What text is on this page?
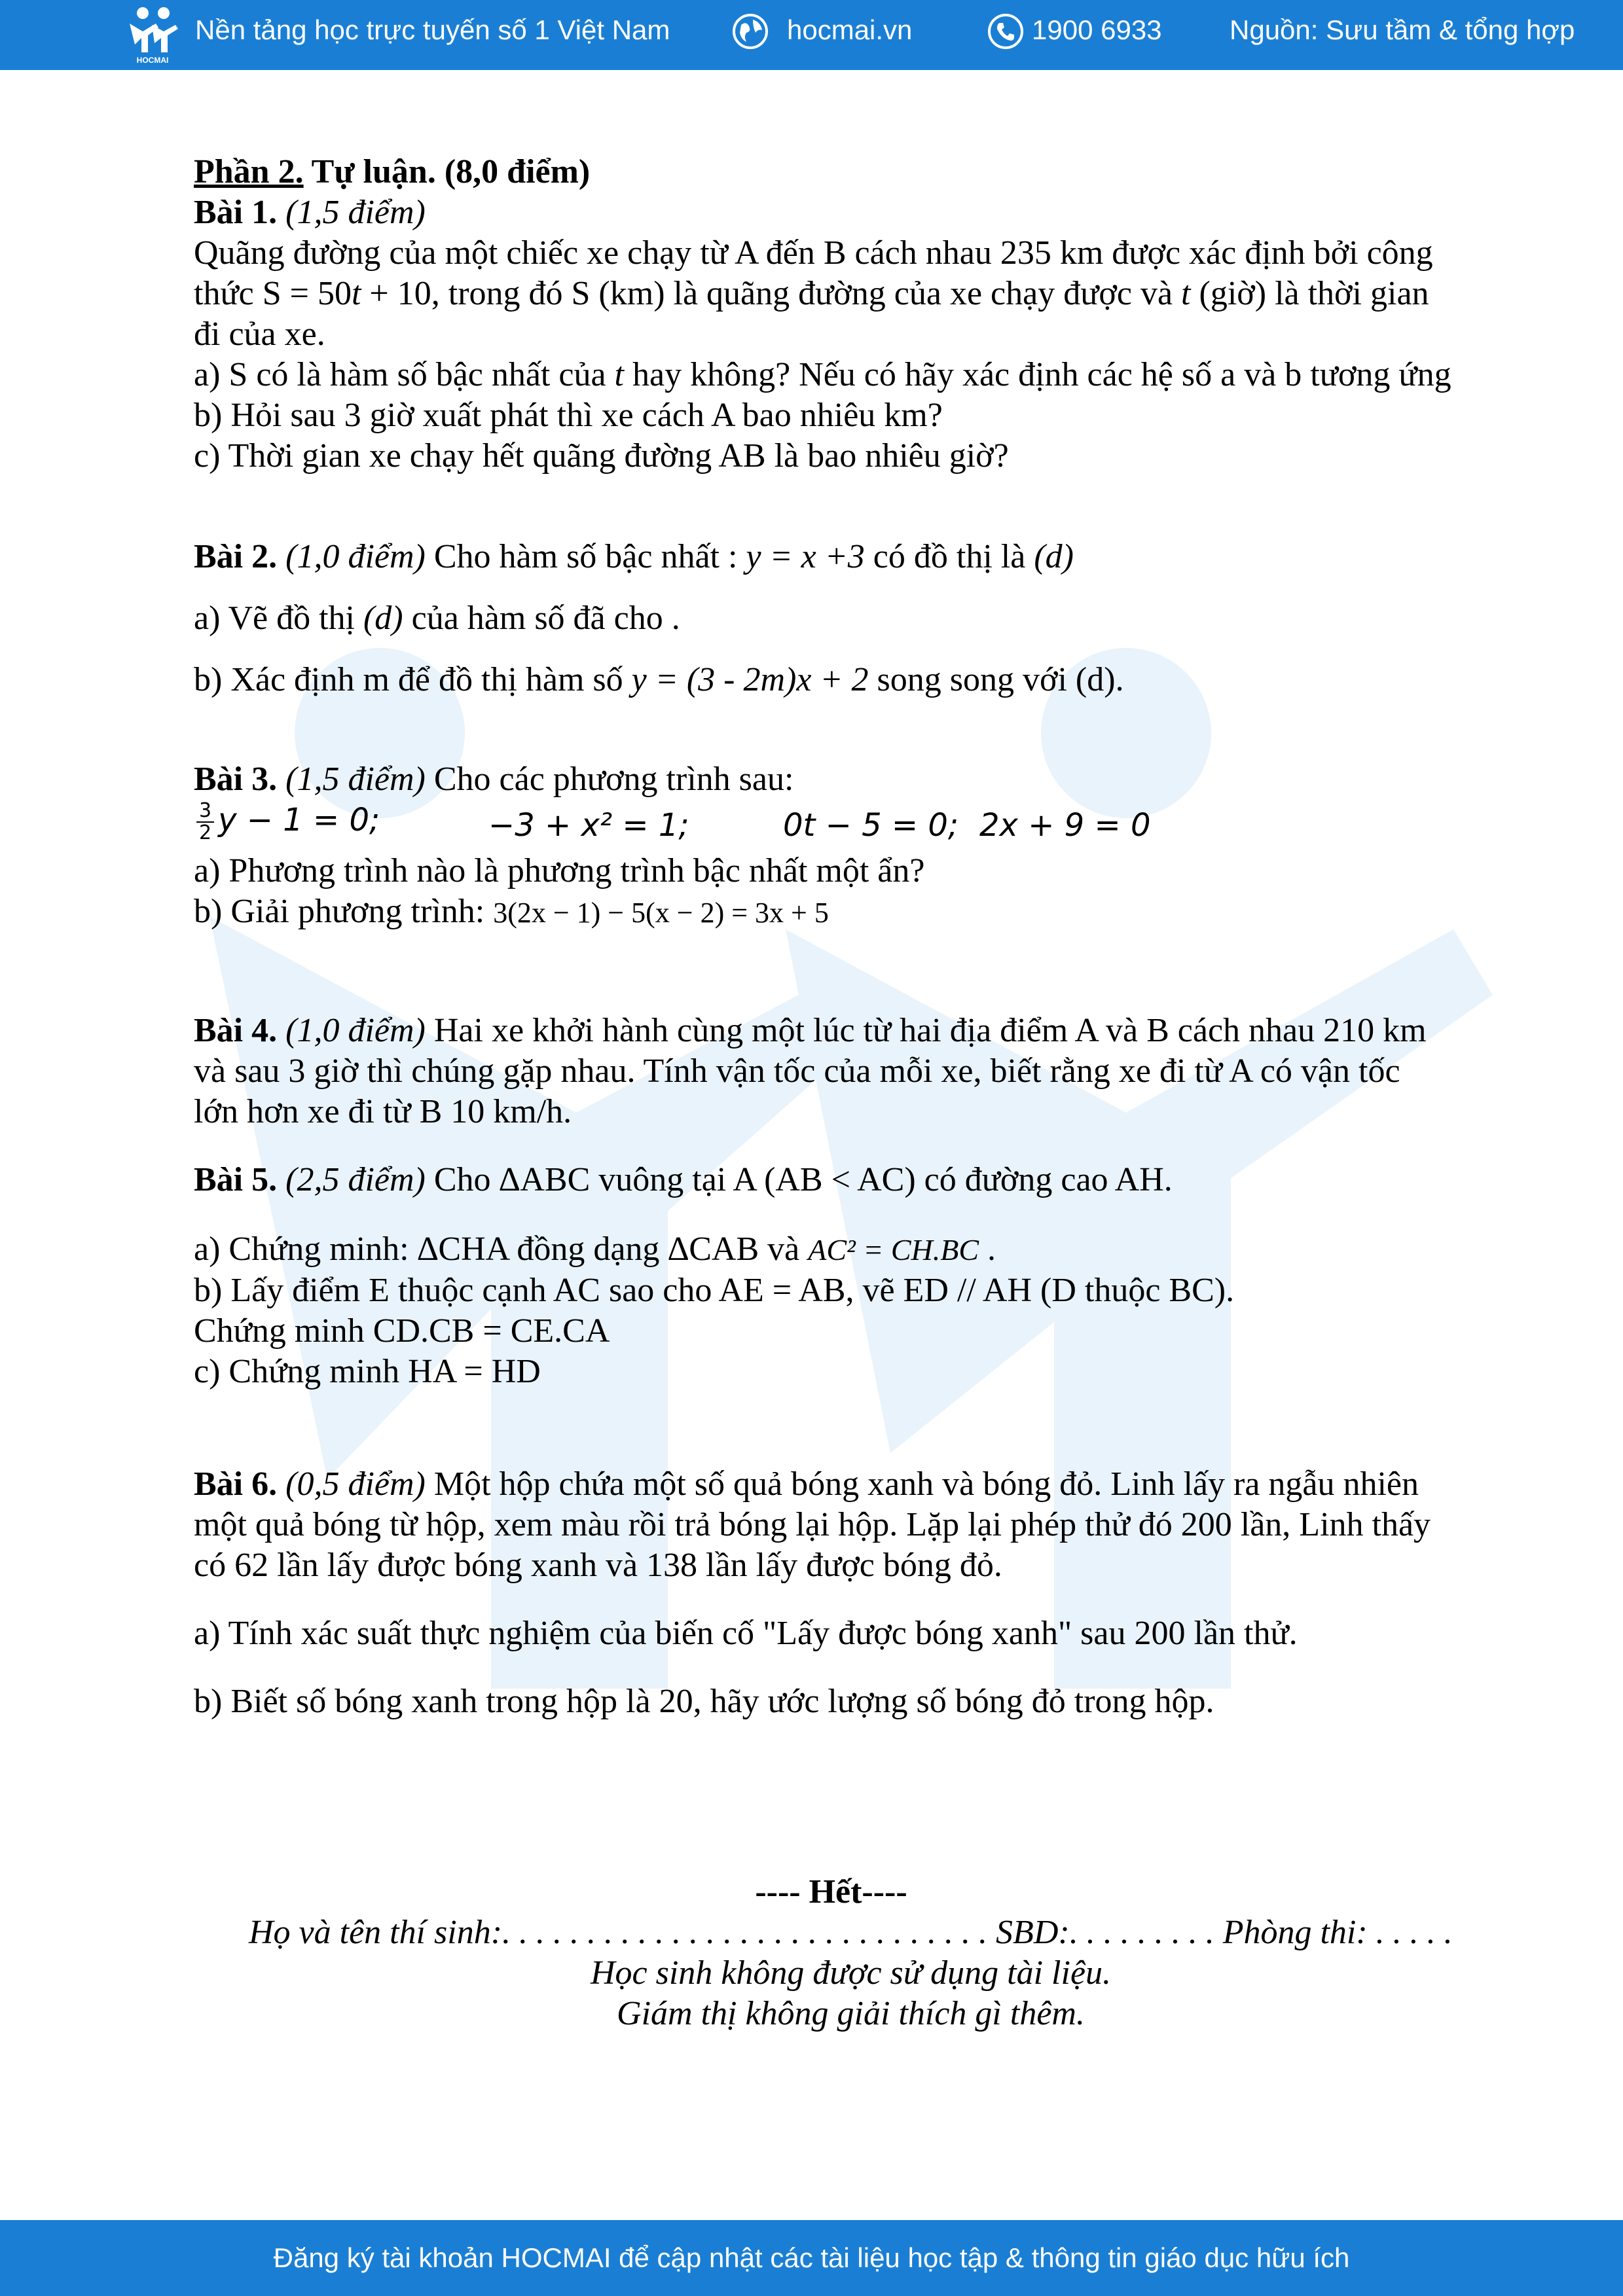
HOCMAI
Nền tảng học trực tuyến số 1 Việt Nam	hocmai.vn	1900 6933 Nguồn: Sưu tầm & tổng hợp

Phần 2. Tự luận. (8,0 điểm)

Bài 1. (1,5 điểm)

Quãng đường của một chiếc xe chạy từ A đến B cách nhau 235 km được xác định bởi công

thức S = 50t + 10, trong đó S (km) là quãng đường của xe chạy được và t (giờ) là thời gian

đi của xe.

a) S có là hàm số bậc nhất của t hay không? Nếu có hãy xác định các hệ số a và b tương ứng

b) Hỏi sau 3 giờ xuất phát thì xe cách A bao nhiêu km?

c) Thời gian xe chạy hết quãng đường AB là bao nhiêu giờ?

Bài 2. (1,0 điểm) Cho hàm số bậc nhất : y = x +3 có đồ thị là (d)

a) Vẽ đồ thị (d) của hàm số đã cho .

b) Xác định m để đồ thị hàm số y = (3 - 2m)x + 2 song song với (d).

Bài 3. (1,5 điểm) Cho các phương trình sau:

$\frac{3}{2}$ y − 1 = 0;	−3 + x² = 1;	0t − 5 = 0; 2x + 9 = 0

a) Phương trình nào là phương trình bậc nhất một ẩn?

b) Giải phương trình: 3(2x − 1) − 5(x − 2) = 3x + 5

Bài 4. (1,0 điểm) Hai xe khởi hành cùng một lúc từ hai địa điểm A và B cách nhau 210 km

và sau 3 giờ thì chúng gặp nhau. Tính vận tốc của mỗi xe, biết rằng xe đi từ A có vận tốc

lớn hơn xe đi từ B 10 km/h.

Bài 5. (2,5 điểm) Cho ∆ABC vuông tại A (AB < AC) có đường cao AH.

a) Chứng minh: ∆CHA đồng dạng ∆CAB và AC² = CH.BC .

b) Lấy điểm E thuộc cạnh AC sao cho AE = AB, vẽ ED // AH (D thuộc BC).

Chứng minh CD.CB = CE.CA

c) Chứng minh HA = HD

Bài 6. (0,5 điểm) Một hộp chứa một số quả bóng xanh và bóng đỏ. Linh lấy ra ngẫu nhiên

một quả bóng từ hộp, xem màu rồi trả bóng lại hộp. Lặp lại phép thử đó 200 lần, Linh thấy

có 62 lần lấy được bóng xanh và 138 lần lấy được bóng đỏ.

a) Tính xác suất thực nghiệm của biến cố "Lấy được bóng xanh" sau 200 lần thử.

b) Biết số bóng xanh trong hộp là 20, hãy ước lượng số bóng đỏ trong hộp.

---- Hết----

Họ và tên thí sinh:. . . . . . . . . . . . . . . . . . . . . . . . . . . . . SBD:. . . . . . . . . Phòng thi: . . . . .

Học sinh không được sử dụng tài liệu.

Giám thị không giải thích gì thêm.

Đăng ký tài khoản HOCMAI để cập nhật các tài liệu học tập & thông tin giáo dục hữu ích
